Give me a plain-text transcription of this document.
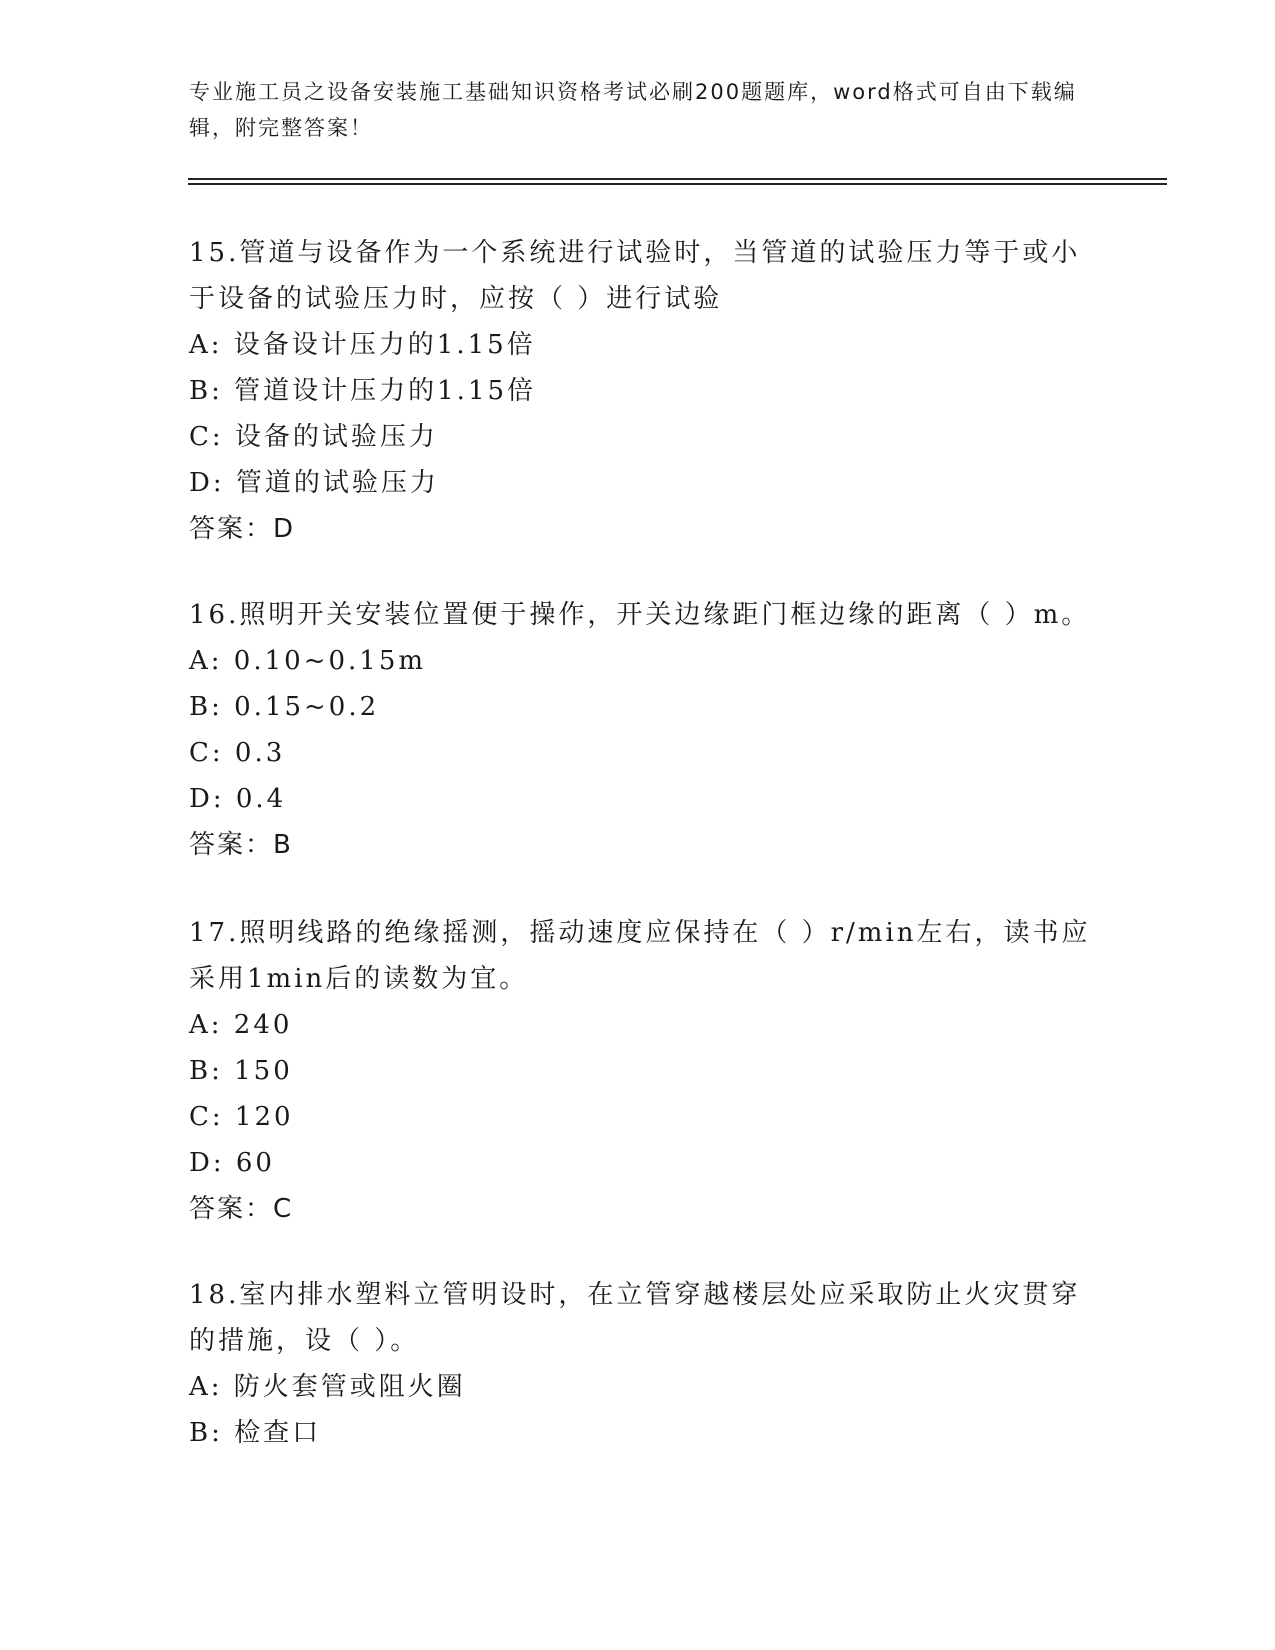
专业施工员之设备安装施工基础知识资格考试必刷200题题库，word格式可自由下载编辑，附完整答案！

15.管道与设备作为一个系统进行试验时，当管道的试验压力等于或小于设备的试验压力时，应按（ ）进行试验

A: 设备设计压力的1.15倍

B: 管道设计压力的1.15倍

C: 设备的试验压力

D: 管道的试验压力

答案：D

16.照明开关安装位置便于操作，开关边缘距门框边缘的距离（ ）m。

A: 0.10~0.15m

B: 0.15~0.2

C: 0.3

D: 0.4

答案：B

17.照明线路的绝缘摇测，摇动速度应保持在（ ）r/min左右，读书应采用1min后的读数为宜。

A: 240

B: 150

C: 120

D: 60

答案：C

18.室内排水塑料立管明设时，在立管穿越楼层处应采取防止火灾贯穿的措施，设（ ）。

A: 防火套管或阻火圈

B: 检查口
